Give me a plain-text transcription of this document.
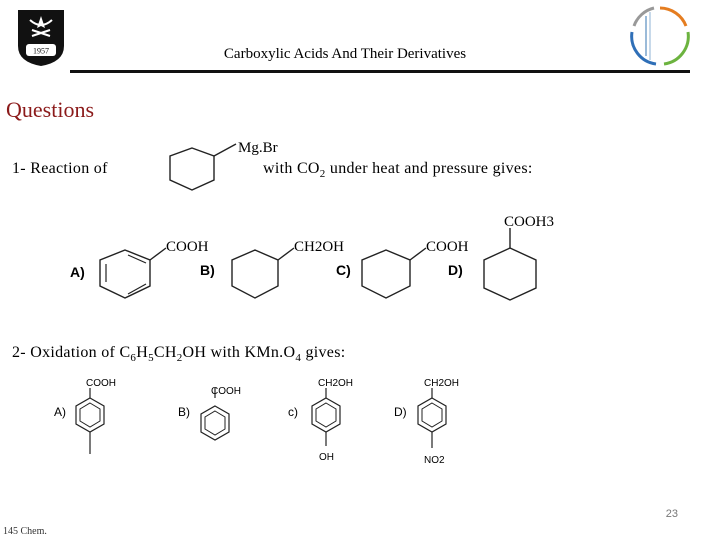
1957	Carboxylic Acids And Their Derivatives
Questions
1- Reaction of	with $CO_2$ under heat and pressure gives:
Mg.Br
COOH
A)	B)
CH2OH
C)
COOH
D)
COOH3
2- Oxidation of $C_6H_5CH_2OH$ with $KMn.O_4$ gives:
A)
COOH
B)
COOH
c)
CH2OH
OH
D)
CH2OH
NO2
23
145 Chem.
